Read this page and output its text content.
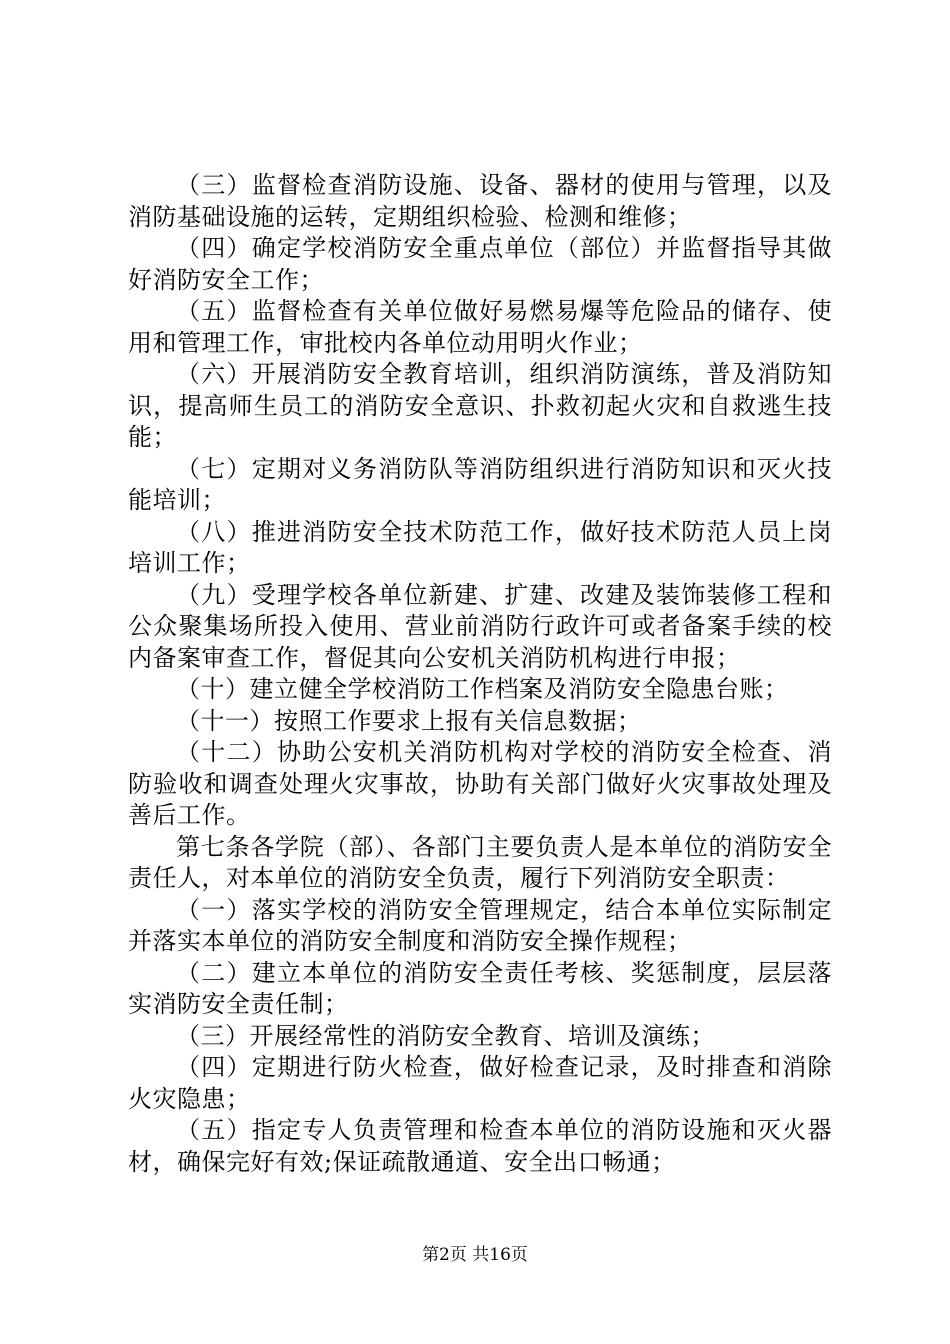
（三）监督检查消防设施、设备、器材的使用与管理，以及消防基础设施的运转，定期组织检验、检测和维修；

（四）确定学校消防安全重点单位（部位）并监督指导其做好消防安全工作；

（五）监督检查有关单位做好易燃易爆等危险品的储存、使用和管理工作，审批校内各单位动用明火作业；

（六）开展消防安全教育培训，组织消防演练，普及消防知识，提高师生员工的消防安全意识、扑救初起火灾和自救逃生技能；

（七）定期对义务消防队等消防组织进行消防知识和灭火技能培训；

（八）推进消防安全技术防范工作，做好技术防范人员上岗培训工作；

（九）受理学校各单位新建、扩建、改建及装饰装修工程和公众聚集场所投入使用、营业前消防行政许可或者备案手续的校内备案审查工作，督促其向公安机关消防机构进行申报；

（十）建立健全学校消防工作档案及消防安全隐患台账；

（十一）按照工作要求上报有关信息数据；

（十二）协助公安机关消防机构对学校的消防安全检查、消防验收和调查处理火灾事故，协助有关部门做好火灾事故处理及善后工作。

第七条各学院（部）、各部门主要负责人是本单位的消防安全责任人，对本单位的消防安全负责，履行下列消防安全职责：

（一）落实学校的消防安全管理规定，结合本单位实际制定并落实本单位的消防安全制度和消防安全操作规程；

（二）建立本单位的消防安全责任考核、奖惩制度，层层落实消防安全责任制；

（三）开展经常性的消防安全教育、培训及演练；

（四）定期进行防火检查，做好检查记录，及时排查和消除火灾隐患；

（五）指定专人负责管理和检查本单位的消防设施和灭火器材，确保完好有效;保证疏散通道、安全出口畅通；

第2页 共16页
